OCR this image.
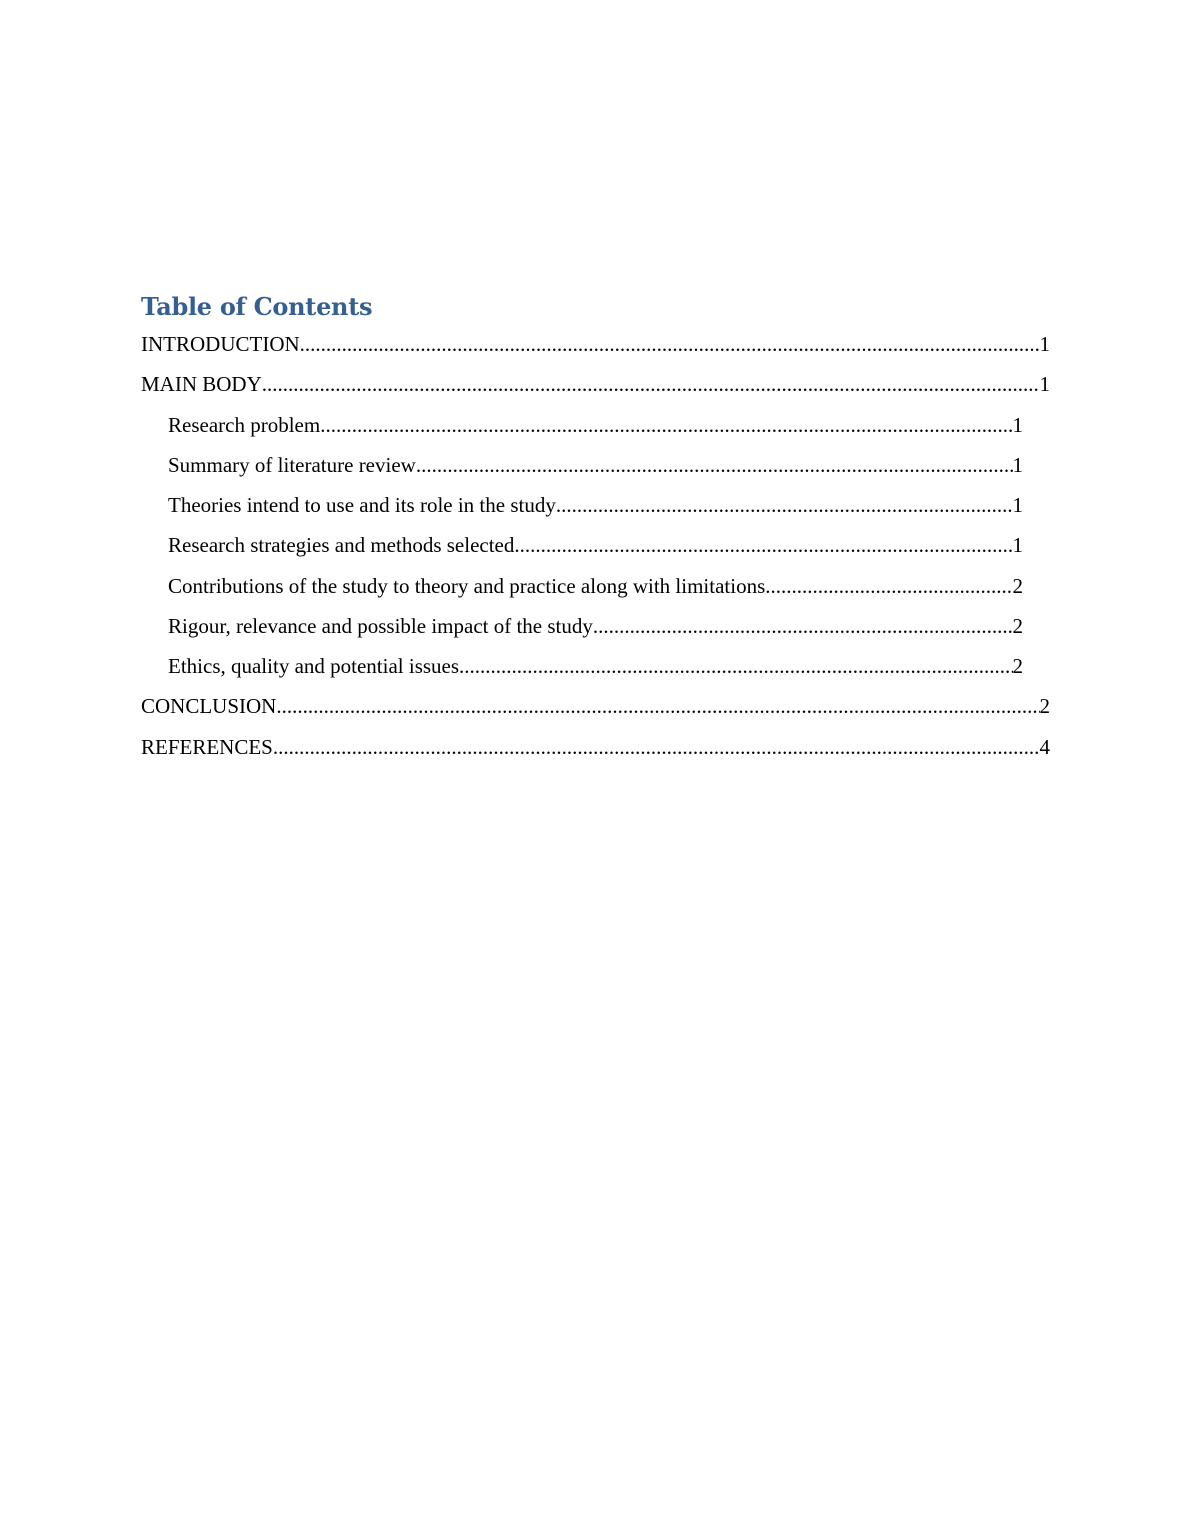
Table of Contents
INTRODUCTION .....	1
MAIN BODY .....	1
Research problem .....	1
Summary of literature review .....	1
Theories intend to use and its role in the study .....	1
Research strategies and methods selected .....	1
Contributions of the study to theory and practice along with limitations .....	2
Rigour, relevance and possible impact of the study .....	2
Ethics, quality and potential issues .....	2
CONCLUSION .....	2
REFERENCES .....	4
